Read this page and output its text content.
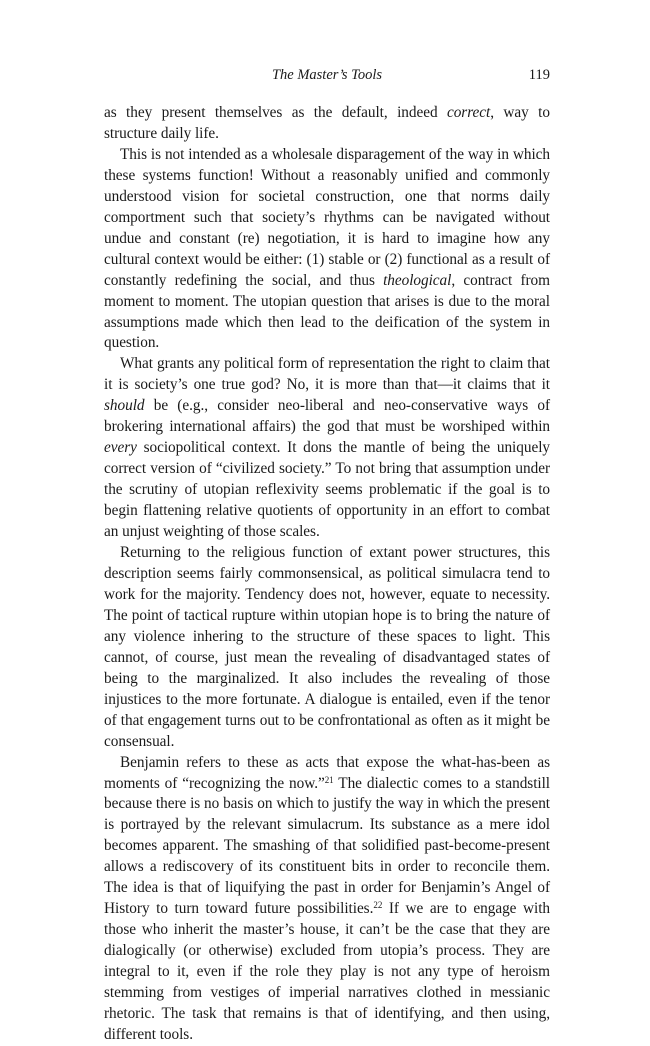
The Master’s Tools	119

as they present themselves as the default, indeed correct, way to structure daily life.

This is not intended as a wholesale disparagement of the way in which these systems function! Without a reasonably unified and commonly understood vision for societal construction, one that norms daily comportment such that society’s rhythms can be navigated without undue and constant (re) negotiation, it is hard to imagine how any cultural context would be either: (1) stable or (2) functional as a result of constantly redefining the social, and thus theological, contract from moment to moment. The utopian question that arises is due to the moral assumptions made which then lead to the deification of the system in question.

What grants any political form of representation the right to claim that it is society’s one true god? No, it is more than that—it claims that it should be (e.g., consider neo-liberal and neo-conservative ways of brokering international affairs) the god that must be worshiped within every sociopolitical context. It dons the mantle of being the uniquely correct version of “civilized society.” To not bring that assumption under the scrutiny of utopian reflexivity seems problematic if the goal is to begin flattening relative quotients of opportunity in an effort to combat an unjust weighting of those scales.

Returning to the religious function of extant power structures, this description seems fairly commonsensical, as political simulacra tend to work for the majority. Tendency does not, however, equate to necessity. The point of tactical rupture within utopian hope is to bring the nature of any violence inhering to the structure of these spaces to light. This cannot, of course, just mean the revealing of disadvantaged states of being to the marginalized. It also includes the revealing of those injustices to the more fortunate. A dialogue is entailed, even if the tenor of that engagement turns out to be confrontational as often as it might be consensual.

Benjamin refers to these as acts that expose the what-has-been as moments of “recognizing the now.”$^{21}$ The dialectic comes to a standstill because there is no basis on which to justify the way in which the present is portrayed by the relevant simulacrum. Its substance as a mere idol becomes apparent. The smashing of that solidified past-become-present allows a rediscovery of its constituent bits in order to reconcile them. The idea is that of liquifying the past in order for Benjamin’s Angel of History to turn toward future possibilities.$^{22}$ If we are to engage with those who inherit the master’s house, it can’t be the case that they are dialogically (or otherwise) excluded from utopia’s process. They are integral to it, even if the role they play is not any type of heroism stemming from vestiges of imperial narratives clothed in messianic rhetoric. The task that remains is that of identifying, and then using, different tools.
